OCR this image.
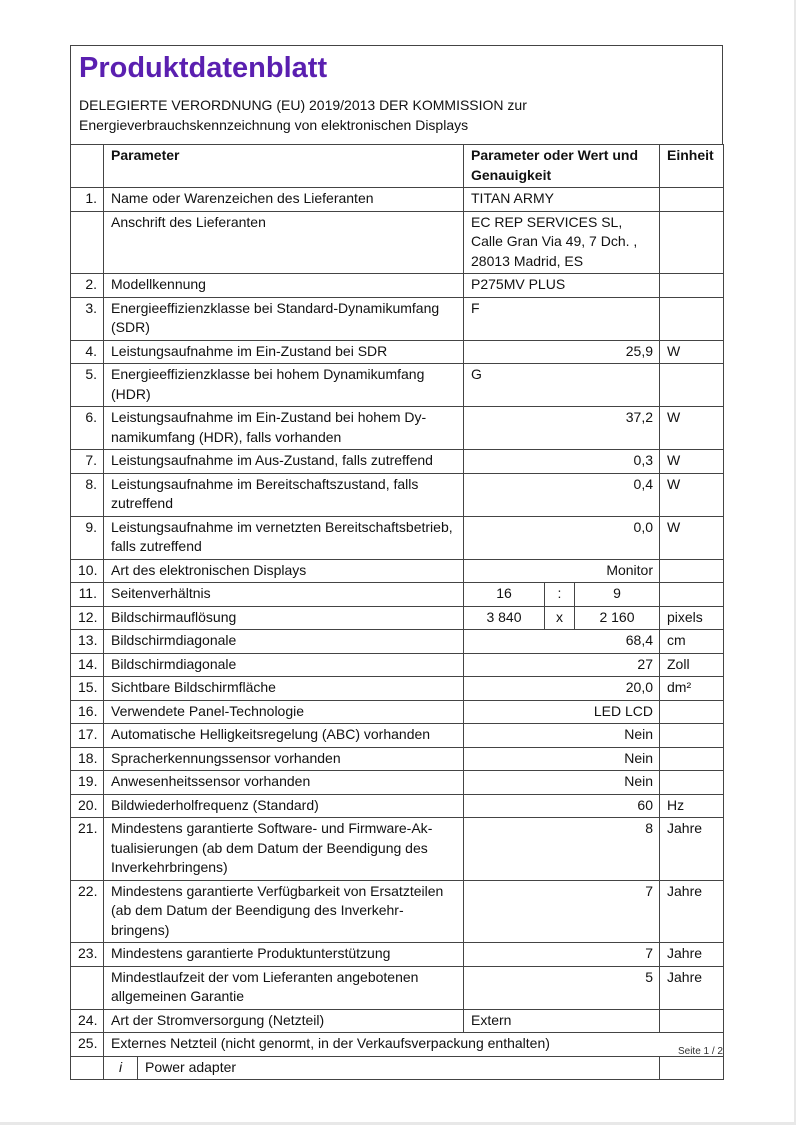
Produktdatenblatt
DELEGIERTE VERORDNUNG (EU) 2019/2013 DER KOMMISSION zur Energieverbrauchskennzeichnung von elektronischen Displays
	Parameter		Parameter oder Wert und Genauigkeit			Einheit
1.	Name oder Warenzeichen des Lieferanten		TITAN ARMY			
	Anschrift des Lieferanten		EC REP SERVICES SL, Calle Gran Via 49, 7 Dch. , 28013 Madrid, ES			
2.	Modellkennung		P275MV PLUS			
3.	Energieeffizienzklasse bei Standard-Dynamikumfang (SDR)		F			
4.	Leistungsaufnahme im Ein-Zustand bei SDR		25,9			W
5.	Energieeffizienzklasse bei hohem Dynamikumfang (HDR)		G			
6.	Leistungsaufnahme im Ein-Zustand bei hohem Dynamikumfang (HDR), falls vorhanden		37,2			W
7.	Leistungsaufnahme im Aus-Zustand, falls zutreffend		0,3			W
8.	Leistungsaufnahme im Bereitschaftszustand, falls zutreffend		0,4			W
9.	Leistungsaufnahme im vernetzten Bereitschaftsbetrieb, falls zutreffend		0,0			W
10.	Art des elektronischen Displays		Monitor			
11.	Seitenverhältnis		16	:	9	
12.	Bildschirmauflösung		3 840	x	2 160	pixels
13.	Bildschirmdiagonale		68,4			cm
14.	Bildschirmdiagonale		27			Zoll
15.	Sichtbare Bildschirmfläche		20,0			dm²
16.	Verwendete Panel-Technologie		LED LCD			
17.	Automatische Helligkeitsregelung (ABC) vorhanden		Nein			
18.	Spracherkennungssensor vorhanden		Nein			
19.	Anwesenheitssensor vorhanden		Nein			
20.	Bildwiederholfrequenz (Standard)		60			Hz
21.	Mindestens garantierte Software- und Firmware-Aktualisierungen (ab dem Datum der Beendigung des Inverkehrbringens)		8			Jahre
22.	Mindestens garantierte Verfügbarkeit von Ersatzteilen (ab dem Datum der Beendigung des Inverkehrbringens)		7			Jahre
23.	Mindestens garantierte Produktunterstützung		7			Jahre
	Mindestlaufzeit der vom Lieferanten angebotenen allgemeinen Garantie		5			Jahre
24.	Art der Stromversorgung (Netzteil)		Extern			
25.	Externes Netzteil (nicht genormt, in der Verkaufsverpackung enthalten)					
	i	Power adapter				
Seite 1 / 2
